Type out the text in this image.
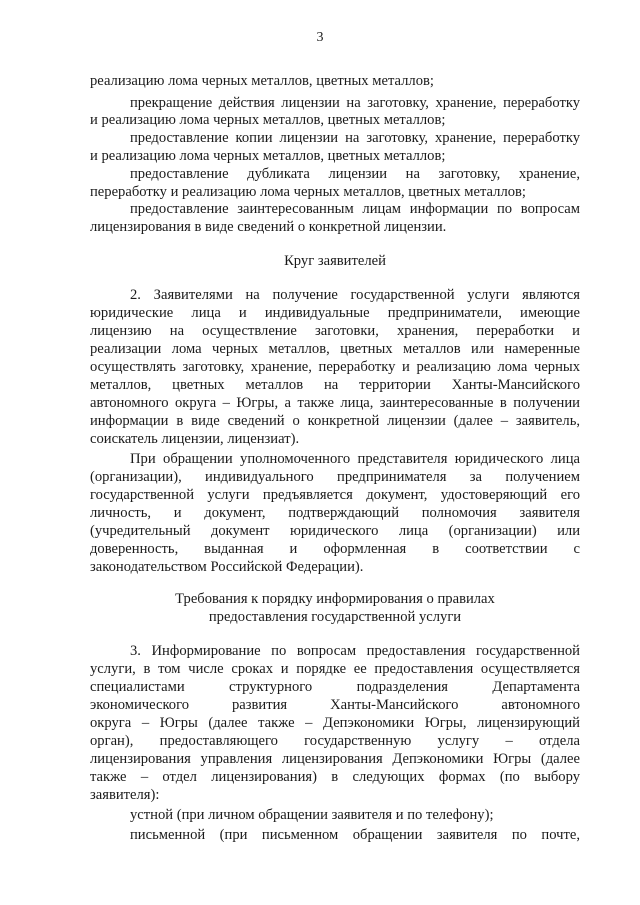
3
реализацию лома черных металлов, цветных металлов;
прекращение действия лицензии на заготовку, хранение, переработку
и реализацию лома черных металлов, цветных металлов;
предоставление копии лицензии на заготовку, хранение, переработку
и реализацию лома черных металлов, цветных металлов;
предоставление дубликата лицензии на заготовку, хранение,
переработку и реализацию лома черных металлов, цветных металлов;
предоставление заинтересованным лицам информации по вопросам
лицензирования в виде сведений о конкретной лицензии.
Круг заявителей
2. Заявителями на получение государственной услуги являются
юридические лица и индивидуальные предприниматели, имеющие
лицензию на осуществление заготовки, хранения, переработки и
реализации лома черных металлов, цветных металлов или намеренные
осуществлять заготовку, хранение, переработку и реализацию лома черных
металлов, цветных металлов на территории Ханты-Мансийского
автономного округа – Югры, а также лица, заинтересованные в получении
информации в виде сведений о конкретной лицензии (далее – заявитель,
соискатель лицензии, лицензиат).
При обращении уполномоченного представителя юридического лица
(организации), индивидуального предпринимателя за получением
государственной услуги предъявляется документ, удостоверяющий его
личность, и документ, подтверждающий полномочия заявителя
(учредительный документ юридического лица (организации) или
доверенность, выданная и оформленная в соответствии с
законодательством Российской Федерации).
Требования к порядку информирования о правилах
предоставления государственной услуги
3. Информирование по вопросам предоставления государственной
услуги, в том числе сроках и порядке ее предоставления осуществляется
специалистами структурного подразделения Департамента
экономического развития Ханты-Мансийского автономного
округа – Югры (далее также – Депэкономики Югры, лицензирующий
орган), предоставляющего государственную услугу – отдела
лицензирования управления лицензирования Депэкономики Югры (далее
также – отдел лицензирования) в следующих формах (по выбору
заявителя):
устной (при личном обращении заявителя и по телефону);
письменной (при письменном обращении заявителя по почте,
